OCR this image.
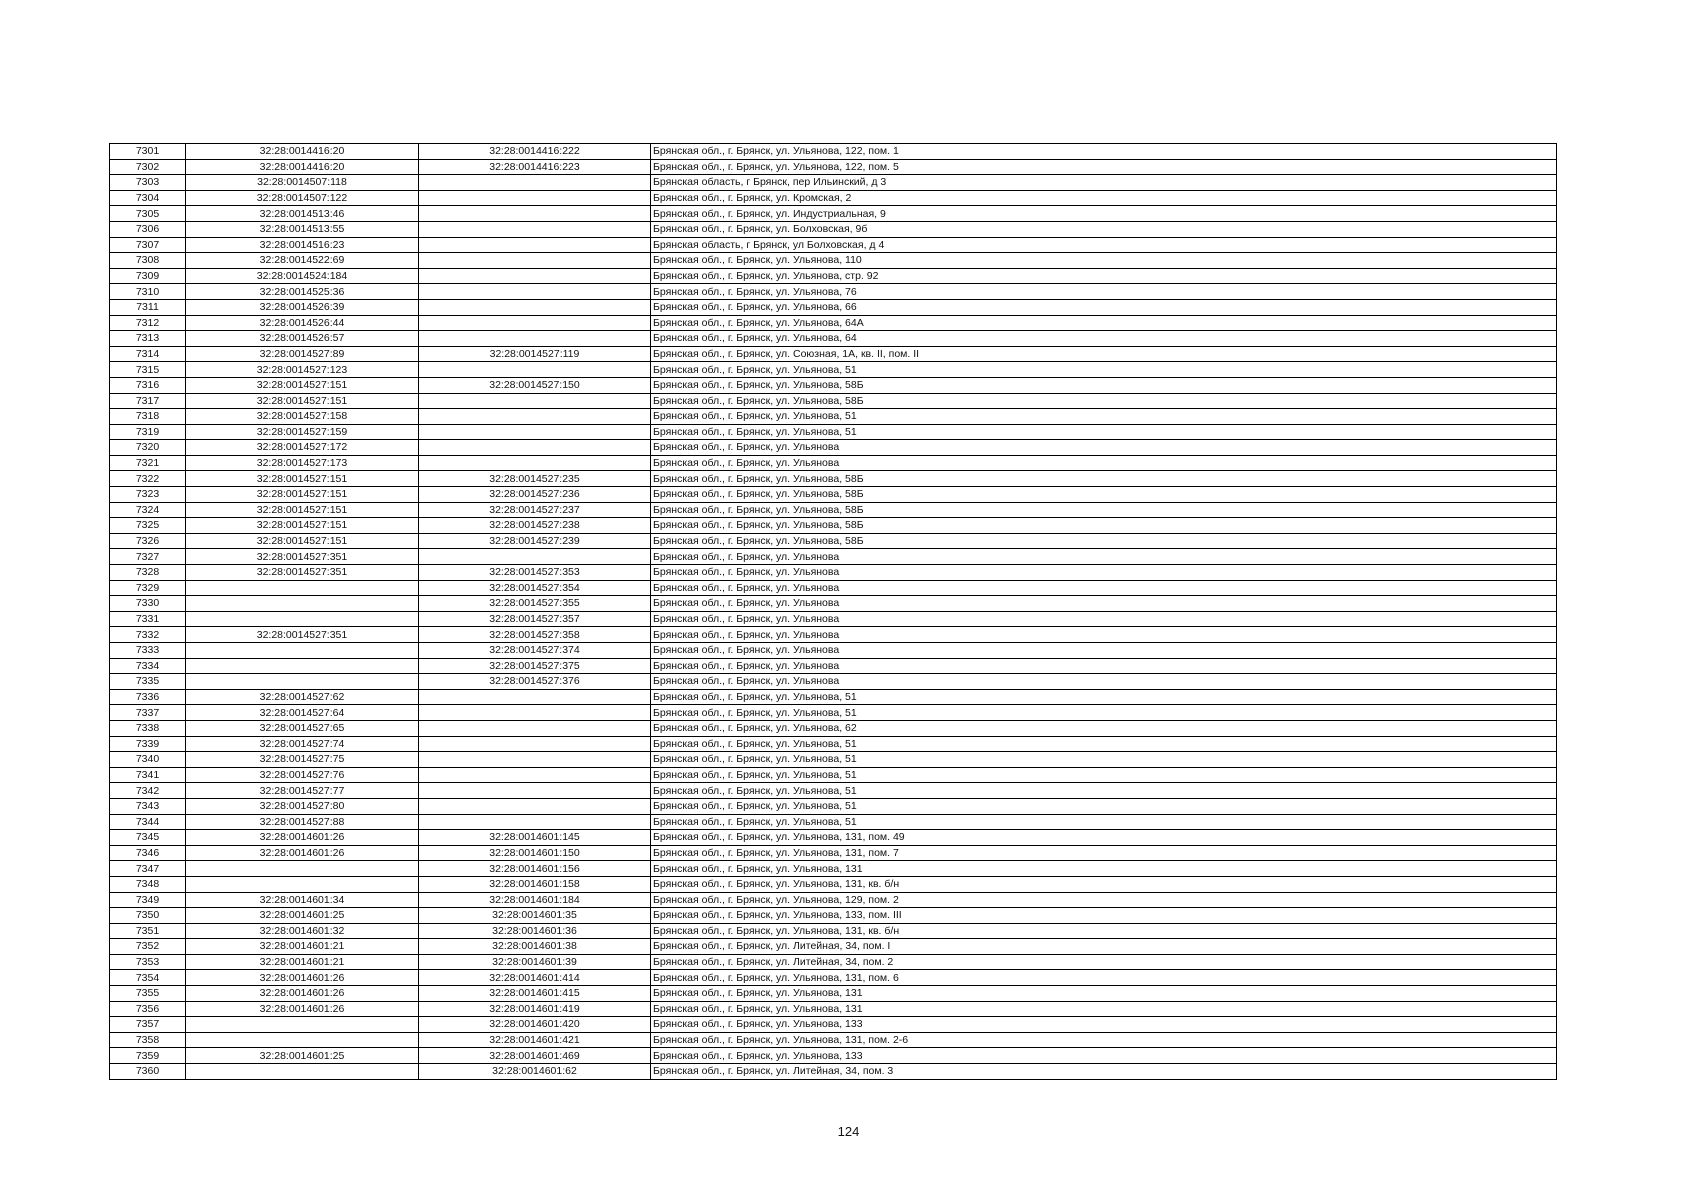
7301	32:28:0014416:20	32:28:0014416:222	Брянская обл., г. Брянск, ул. Ульянова, 122, пом. 1
7302	32:28:0014416:20	32:28:0014416:223	Брянская обл., г. Брянск, ул. Ульянова, 122, пом. 5
7303	32:28:0014507:118		Брянская область, г Брянск, пер Ильинский, д 3
7304	32:28:0014507:122		Брянская обл., г. Брянск, ул. Кромская, 2
7305	32:28:0014513:46		Брянская обл., г. Брянск, ул. Индустриальная, 9
7306	32:28:0014513:55		Брянская обл., г. Брянск, ул. Болховская, 9б
7307	32:28:0014516:23		Брянская область, г Брянск, ул Болховская, д 4
7308	32:28:0014522:69		Брянская обл., г. Брянск, ул. Ульянова, 110
7309	32:28:0014524:184		Брянская обл., г. Брянск, ул. Ульянова, стр. 92
7310	32:28:0014525:36		Брянская обл., г. Брянск, ул. Ульянова, 76
7311	32:28:0014526:39		Брянская обл., г. Брянск, ул. Ульянова, 66
7312	32:28:0014526:44		Брянская обл., г. Брянск, ул. Ульянова, 64А
7313	32:28:0014526:57		Брянская обл., г. Брянск, ул. Ульянова, 64
7314	32:28:0014527:89	32:28:0014527:119	Брянская обл., г. Брянск, ул. Союзная, 1А, кв. II, пом. II
7315	32:28:0014527:123		Брянская обл., г. Брянск, ул. Ульянова, 51
7316	32:28:0014527:151	32:28:0014527:150	Брянская обл., г. Брянск, ул. Ульянова, 58Б
7317	32:28:0014527:151		Брянская обл., г. Брянск, ул. Ульянова, 58Б
7318	32:28:0014527:158		Брянская обл., г. Брянск, ул. Ульянова, 51
7319	32:28:0014527:159		Брянская обл., г. Брянск, ул. Ульянова, 51
7320	32:28:0014527:172		Брянская обл., г. Брянск, ул. Ульянова
7321	32:28:0014527:173		Брянская обл., г. Брянск, ул. Ульянова
7322	32:28:0014527:151	32:28:0014527:235	Брянская обл., г. Брянск, ул. Ульянова, 58Б
7323	32:28:0014527:151	32:28:0014527:236	Брянская обл., г. Брянск, ул. Ульянова, 58Б
7324	32:28:0014527:151	32:28:0014527:237	Брянская обл., г. Брянск, ул. Ульянова, 58Б
7325	32:28:0014527:151	32:28:0014527:238	Брянская обл., г. Брянск, ул. Ульянова, 58Б
7326	32:28:0014527:151	32:28:0014527:239	Брянская обл., г. Брянск, ул. Ульянова, 58Б
7327	32:28:0014527:351		Брянская обл., г. Брянск, ул. Ульянова
7328	32:28:0014527:351	32:28:0014527:353	Брянская обл., г. Брянск, ул. Ульянова
7329		32:28:0014527:354	Брянская обл., г. Брянск, ул. Ульянова
7330		32:28:0014527:355	Брянская обл., г. Брянск, ул. Ульянова
7331		32:28:0014527:357	Брянская обл., г. Брянск, ул. Ульянова
7332	32:28:0014527:351	32:28:0014527:358	Брянская обл., г. Брянск, ул. Ульянова
7333		32:28:0014527:374	Брянская обл., г. Брянск, ул. Ульянова
7334		32:28:0014527:375	Брянская обл., г. Брянск, ул. Ульянова
7335		32:28:0014527:376	Брянская обл., г. Брянск, ул. Ульянова
7336	32:28:0014527:62		Брянская обл., г. Брянск, ул. Ульянова, 51
7337	32:28:0014527:64		Брянская обл., г. Брянск, ул. Ульянова, 51
7338	32:28:0014527:65		Брянская обл., г. Брянск, ул. Ульянова, 62
7339	32:28:0014527:74		Брянская обл., г. Брянск, ул. Ульянова, 51
7340	32:28:0014527:75		Брянская обл., г. Брянск, ул. Ульянова, 51
7341	32:28:0014527:76		Брянская обл., г. Брянск, ул. Ульянова, 51
7342	32:28:0014527:77		Брянская обл., г. Брянск, ул. Ульянова, 51
7343	32:28:0014527:80		Брянская обл., г. Брянск, ул. Ульянова, 51
7344	32:28:0014527:88		Брянская обл., г. Брянск, ул. Ульянова, 51
7345	32:28:0014601:26	32:28:0014601:145	Брянская обл., г. Брянск, ул. Ульянова, 131, пом. 49
7346	32:28:0014601:26	32:28:0014601:150	Брянская обл., г. Брянск, ул. Ульянова, 131, пом. 7
7347		32:28:0014601:156	Брянская обл., г. Брянск, ул. Ульянова, 131
7348		32:28:0014601:158	Брянская обл., г. Брянск, ул. Ульянова, 131, кв. б/н
7349	32:28:0014601:34	32:28:0014601:184	Брянская обл., г. Брянск, ул. Ульянова, 129, пом. 2
7350	32:28:0014601:25	32:28:0014601:35	Брянская обл., г. Брянск, ул. Ульянова, 133, пом. III
7351	32:28:0014601:32	32:28:0014601:36	Брянская обл., г. Брянск, ул. Ульянова, 131, кв. б/н
7352	32:28:0014601:21	32:28:0014601:38	Брянская обл., г. Брянск, ул. Литейная, 34, пом. I
7353	32:28:0014601:21	32:28:0014601:39	Брянская обл., г. Брянск, ул. Литейная, 34, пом. 2
7354	32:28:0014601:26	32:28:0014601:414	Брянская обл., г. Брянск, ул. Ульянова, 131, пом. 6
7355	32:28:0014601:26	32:28:0014601:415	Брянская обл., г. Брянск, ул. Ульянова, 131
7356	32:28:0014601:26	32:28:0014601:419	Брянская обл., г. Брянск, ул. Ульянова, 131
7357		32:28:0014601:420	Брянская обл., г. Брянск, ул. Ульянова, 133
7358		32:28:0014601:421	Брянская обл., г. Брянск, ул. Ульянова, 131, пом. 2-6
7359	32:28:0014601:25	32:28:0014601:469	Брянская обл., г. Брянск, ул. Ульянова, 133
7360		32:28:0014601:62	Брянская обл., г. Брянск, ул. Литейная, 34, пом. 3
124
